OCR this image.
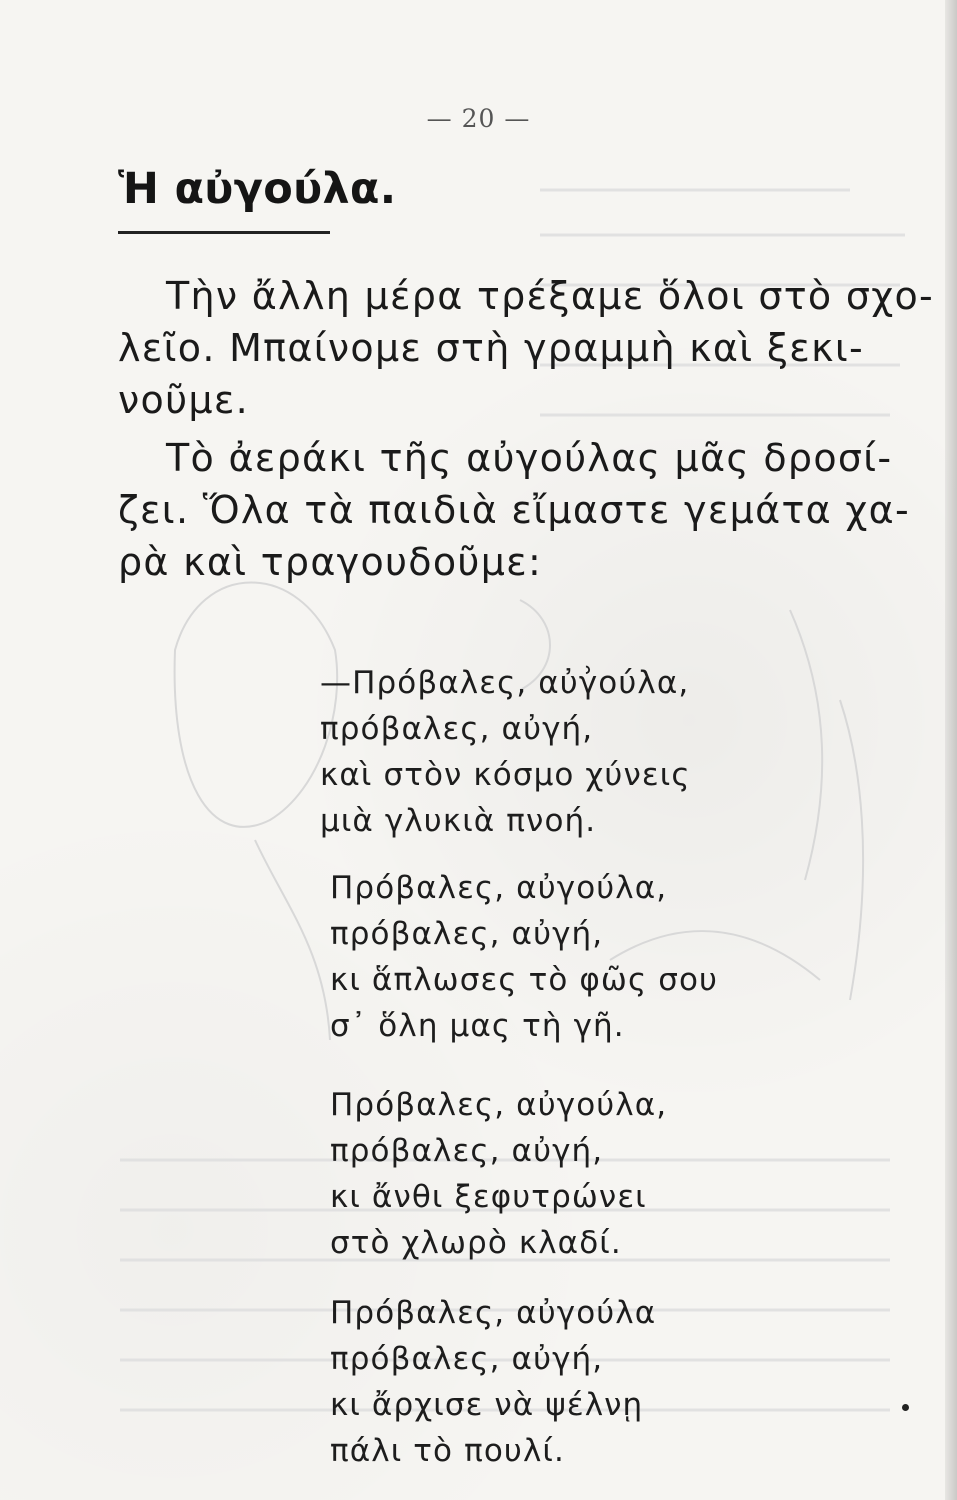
— 20 —
Ἡ αὐγούλα.
Τὴν ἄλλη μέρα τρέξαμε ὅλοι στὸ σχο-
λεῖο. Μπαίνομε στὴ γραμμὴ καὶ ξεκι-
νοῦμε.
Τὸ ἀεράκι τῆς αὐγούλας μᾶς δροσί-
ζει. Ὅλα τὰ παιδιὰ εἴμαστε γεμάτα χα-
ρὰ καὶ τραγουδοῦμε:
—Πρόβαλες, αὐγ͗ούλα,
πρόβαλες, αὐγή,
καὶ στὸν κόσμο χύνεις
μιὰ γλυκιὰ πνοή.
Πρόβαλες, αὐγούλα,
πρόβαλες, αὐγή,
κι ἅπλωσες τὸ φῶς σου
σ᾿ ὅλη μας τὴ γῆ.
Πρόβαλες, αὐγούλα,
πρόβαλες, αὐγή,
κι ἄνθι ξεφυτρώνει
στὸ χλωρὸ κλαδί.
Πρόβαλες, αὐγούλα
πρόβαλες, αὐγή,
κι ἄρχισε νὰ ψέλνῃ
πάλι τὸ πουλί.
